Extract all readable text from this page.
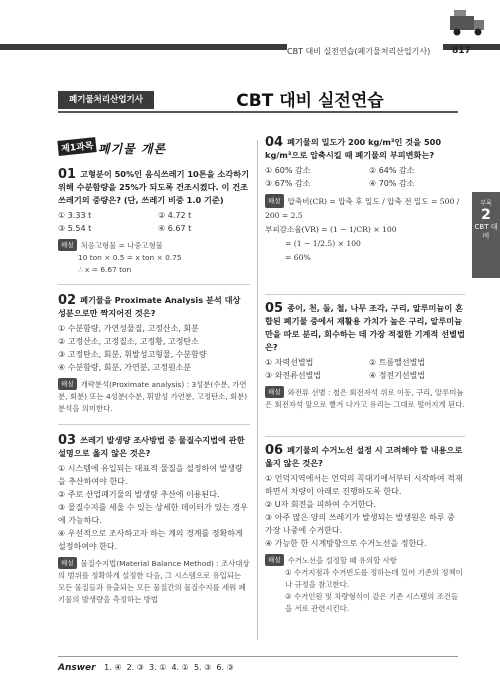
CBT 대비 실전연습(폐기물처리산업기사)	817
폐기물처리산업기사	CBT 대비 실전연습
부록
2
CBT 대비
제1과목 폐기물 개론
01 고형분이 50%인 음식쓰레기 10톤을 소각하기 위해 수분함량을 25%가 되도록 건조시켰다. 이 건조쓰레기의 중량은? (단, 쓰레기 비중 1.0 기준)
① 3.33 t	② 4.72 t
③ 5.54 t	④ 6.67 t
해설 처음고형물 = 나중고형물
10 ton × 0.5 = x ton × 0.75
∴ x = 6.67 ton
02 폐기물을 Proximate Analysis 분석 대상 성분으로만 짝지어진 것은?
① 수분함량, 가연성물질, 고정산소, 회분
② 고정산소, 고정질소, 고정황, 고정탄소
③ 고정탄소, 회분, 휘발성고형물, 수분함량
④ 수분함량, 회분, 가연분, 고정원소분
해설 개략분석(Proximate analysis) : 3성분(수분, 가연분, 회분) 또는 4성분(수분, 휘발성 가연분, 고정탄소, 회분) 분석을 의미한다.
03 쓰레기 발생량 조사방법 중 물질수지법에 관한 설명으로 옳지 않은 것은?
① 시스템에 유입되는 대표적 물질을 설정하여 발생량을 추산하여야 한다.
② 주로 산업폐기물의 발생량 추산에 이용된다.
③ 물질수지를 세울 수 있는 상세한 데이터가 있는 경우에 가능하다.
④ 우선적으로 조사하고자 하는 계의 경계를 정확하게 설정하여야 한다.
해설 물질수지법(Material Balance Method) : 조사대상의 범위를 정확하게 설정한 다음, 그 시스템으로 유입되는 모든 물질들과 유출되는 모든 물질간의 물질수지를 세워 폐기물의 발생량을 측정하는 방법
04 폐기물의 밀도가 200 kg/m³인 것을 500 kg/m³으로 압축시킬 때 폐기물의 부피변화는?
① 60% 감소	② 64% 감소
③ 67% 감소	④ 70% 감소
해설 압축비(CR) = 압축 후 밀도 / 압축 전 밀도 = 500 / 200 = 2.5
부피감소율(VR) = (1 − 1/CR) × 100
= (1 − 1/2.5) × 100
= 60%
05 종이, 천, 돌, 철, 나무 조각, 구리, 알루미늄이 혼합된 폐기물 중에서 재활용 가치가 높은 구리, 알루미늄만을 따로 분리, 회수하는 데 가장 적절한 기계적 선별법은?
① 자력선별법	② 트롬멜선별법
③ 와전류선별법	④ 정전기선별법
해설 와전류 선별 : 철은 회전자석 위로 이동, 구리, 알루미늄은 회전자석 앞으로 빨겨 나가고 유리는 그대로 떨어지게 된다.
06 폐기물의 수거노선 설정 시 고려해야 할 내용으로 옳지 않은 것은?
① 언덕지역에서는 언덕의 꼭대기에서부터 시작하여 적재하면서 차량이 아래로 진행하도록 한다.
② U자 회전을 피하여 수거한다.
③ 아주 많은 양의 쓰레기가 발생되는 발생원은 하루 중 가장 나중에 수거한다.
④ 가능한 한 시계방향으로 수거노선을 정한다.
해설 수거노선을 설정할 때 유의할 사항
① 수거지점과 수거빈도를 정하는데 있어 기존의 정책이나 규정을 참고한다.
② 수거인원 및 차량형식이 같은 기존 시스템의 조건들을 서로 관련시킨다.
Answer 1. ④ 2. ③ 3. ① 4. ① 5. ③ 6. ③
